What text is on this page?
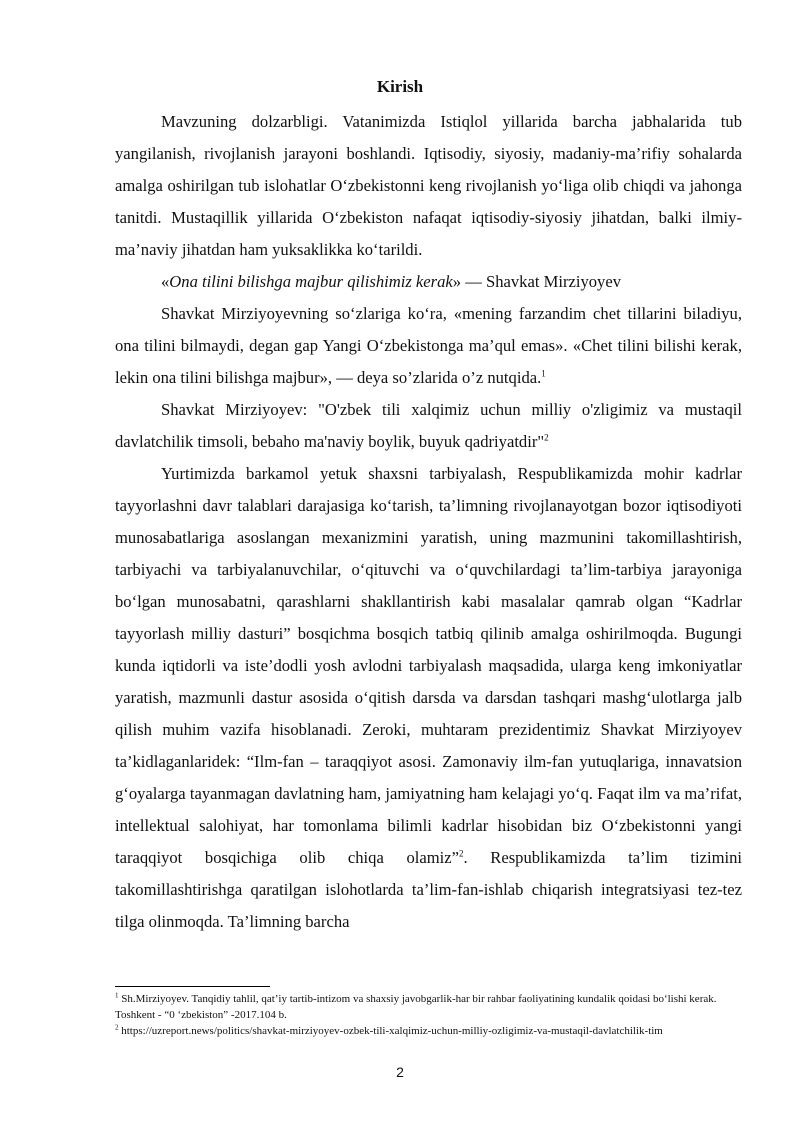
Kirish

Mavzuning dolzarbligi. Vatanimizda Istiqlol yillarida barcha jabhalarida tub yangilanish, rivojlanish jarayoni boshlandi. Iqtisodiy, siyosiy, madaniy-ma’rifiy sohalarda amalga oshirilgan tub islohatlar O‘zbekistonni keng rivojlanish yo‘liga olib chiqdi va jahonga tanitdi. Mustaqillik yillarida O‘zbekiston nafaqat iqtisodiy-siyosiy jihatdan, balki ilmiy-ma’naviy jihatdan ham yuksaklikka ko‘tarildi.

«Ona tilini bilishga majbur qilishimiz kerak» — Shavkat Mirziyoyev

Shavkat Mirziyoyevning so‘zlariga ko‘ra, «mening farzandim chet tillarini biladiyu, ona tilini bilmaydi, degan gap Yangi O‘zbekistonga ma’qul emas». «Chet tilini bilishi kerak, lekin ona tilini bilishga majbur», — deya so’zlarida o’z nutqida.$^1$

Shavkat Mirziyoyev: "O'zbek tili xalqimiz uchun milliy o'zligimiz va mustaqil davlatchilik timsoli, bebaho ma'naviy boylik, buyuk qadriyatdir"$^2$

Yurtimizda barkamol yetuk shaxsni tarbiyalash, Respublikamizda mohir kadrlar tayyorlashni davr talablari darajasiga ko‘tarish, ta’limning rivojlanayotgan bozor iqtisodiyoti munosabatlariga asoslangan mexanizmini yaratish, uning mazmunini takomillashtirish, tarbiyachi va tarbiyalanuvchilar, o‘qituvchi va o‘quvchilardagi ta’lim-tarbiya jarayoniga bo‘lgan munosabatni, qarashlarni shakllantirish kabi masalalar qamrab olgan “Kadrlar tayyorlash milliy dasturi” bosqichma bosqich tatbiq qilinib amalga oshirilmoqda. Bugungi kunda iqtidorli va iste’dodli yosh avlodni tarbiyalash maqsadida, ularga keng imkoniyatlar yaratish, mazmunli dastur asosida o‘qitish darsda va darsdan tashqari mashg‘ulotlarga jalb qilish muhim vazifa hisoblanadi. Zeroki, muhtaram prezidentimiz Shavkat Mirziyoyev ta’kidlaganlaridek: “Ilm-fan – taraqqiyot asosi. Zamonaviy ilm-fan yutuqlariga, innavatsion g‘oyalarga tayanmagan davlatning ham, jamiyatning ham kelajagi yo‘q. Faqat ilm va ma’rifat, intellektual salohiyat, har tomonlama bilimli kadrlar hisobidan biz O‘zbekistonni yangi taraqqiyot bosqichiga olib chiqa olamiz”$^2$. Respublikamizda ta’lim tizimini takomillashtirishga qaratilgan islohotlarda ta’lim-fan-ishlab chiqarish integratsiyasi tez-tez tilga olinmoqda. Ta’limning barcha

$^1$ Sh.Mirziyoyev. Tanqidiy tahlil, qat’iy tartib-intizom va shaxsiy javobgarlik-har bir rahbar faoliyatining kundalik qoidasi bo‘lishi kerak. Toshkent - “0 ‘zbekiston” -2017.104 b.

$^2$ https://uzreport.news/politics/shavkat-mirziyoyev-ozbek-tili-xalqimiz-uchun-milliy-ozligimiz-va-mustaqil-davlatchilik-tim

2
